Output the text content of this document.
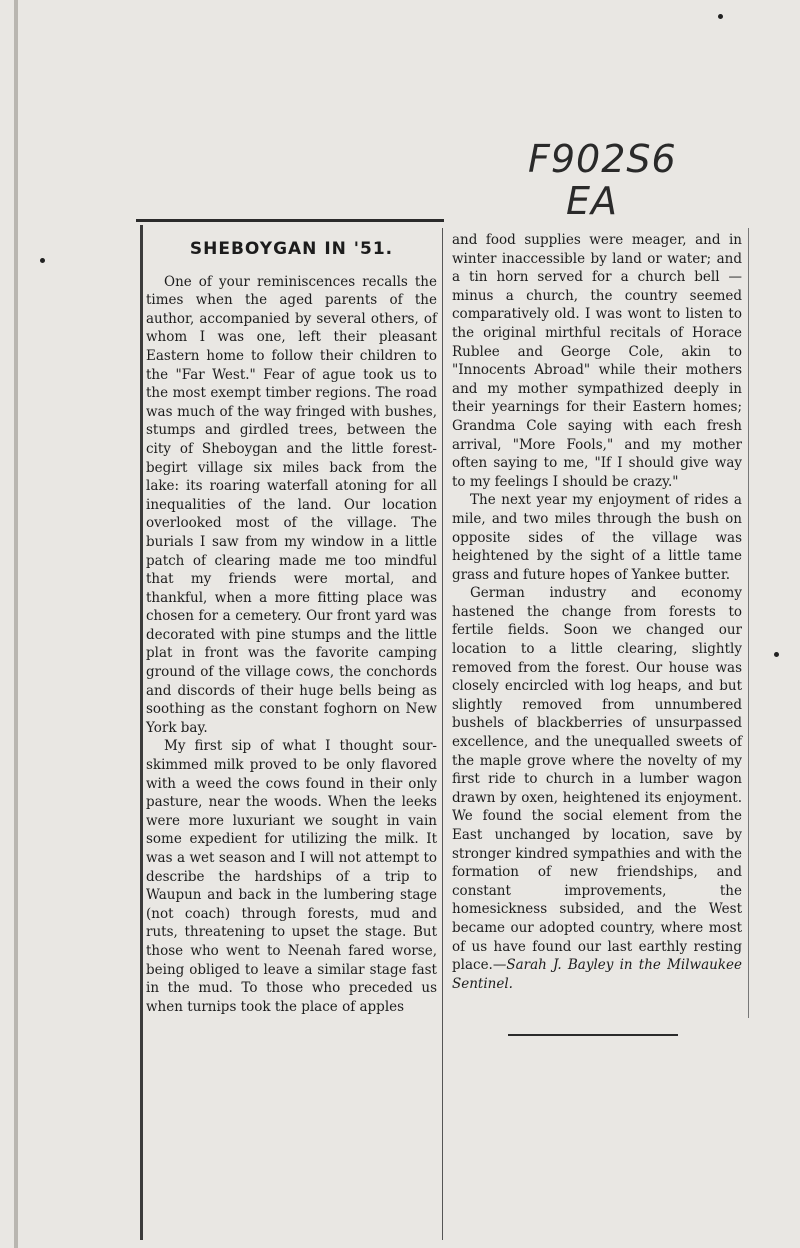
F902S6
EA
SHEBOYGAN IN '51.

One of your reminiscences recalls the times when the aged parents of the author, accompanied by several others, of whom I was one, left their pleasant Eastern home to follow their children to the "Far West." Fear of ague took us to the most exempt timber regions. The road was much of the way fringed with bushes, stumps and girdled trees, between the city of Sheboygan and the little forest-begirt village six miles back from the lake: its roaring waterfall atoning for all inequalities of the land. Our location overlooked most of the village. The burials I saw from my window in a little patch of clearing made me too mindful that my friends were mortal, and thankful, when a more fitting place was chosen for a cemetery. Our front yard was decorated with pine stumps and the little plat in front was the favorite camping ground of the village cows, the conchords and discords of their huge bells being as soothing as the constant foghorn on New York bay.

My first sip of what I thought sour-skimmed milk proved to be only flavored with a weed the cows found in their only pasture, near the woods. When the leeks were more luxuriant we sought in vain some expedient for utilizing the milk. It was a wet season and I will not attempt to describe the hardships of a trip to Waupun and back in the lumbering stage (not coach) through forests, mud and ruts, threatening to upset the stage. But those who went to Neenah fared worse, being obliged to leave a similar stage fast in the mud. To those who preceded us when turnips took the place of apples

and food supplies were meager, and in winter inaccessible by land or water; and a tin horn served for a church bell —minus a church, the country seemed comparatively old. I was wont to listen to the original mirthful recitals of Horace Rublee and George Cole, akin to "Innocents Abroad" while their mothers and my mother sympathized deeply in their yearnings for their Eastern homes; Grandma Cole saying with each fresh arrival, "More Fools," and my mother often saying to me, "If I should give way to my feelings I should be crazy."

The next year my enjoyment of rides a mile, and two miles through the bush on opposite sides of the village was heightened by the sight of a little tame grass and future hopes of Yankee butter.

German industry and economy hastened the change from forests to fertile fields. Soon we changed our location to a little clearing, slightly removed from the forest. Our house was closely encircled with log heaps, and but slightly removed from unnumbered bushels of blackberries of unsurpassed excellence, and the unequalled sweets of the maple grove where the novelty of my first ride to church in a lumber wagon drawn by oxen, heightened its enjoyment. We found the social element from the East unchanged by location, save by stronger kindred sympathies and with the formation of new friendships, and constant improvements, the homesickness subsided, and the West became our adopted country, where most of us have found our last earthly resting place.—Sarah J. Bayley in the Milwaukee Sentinel.
